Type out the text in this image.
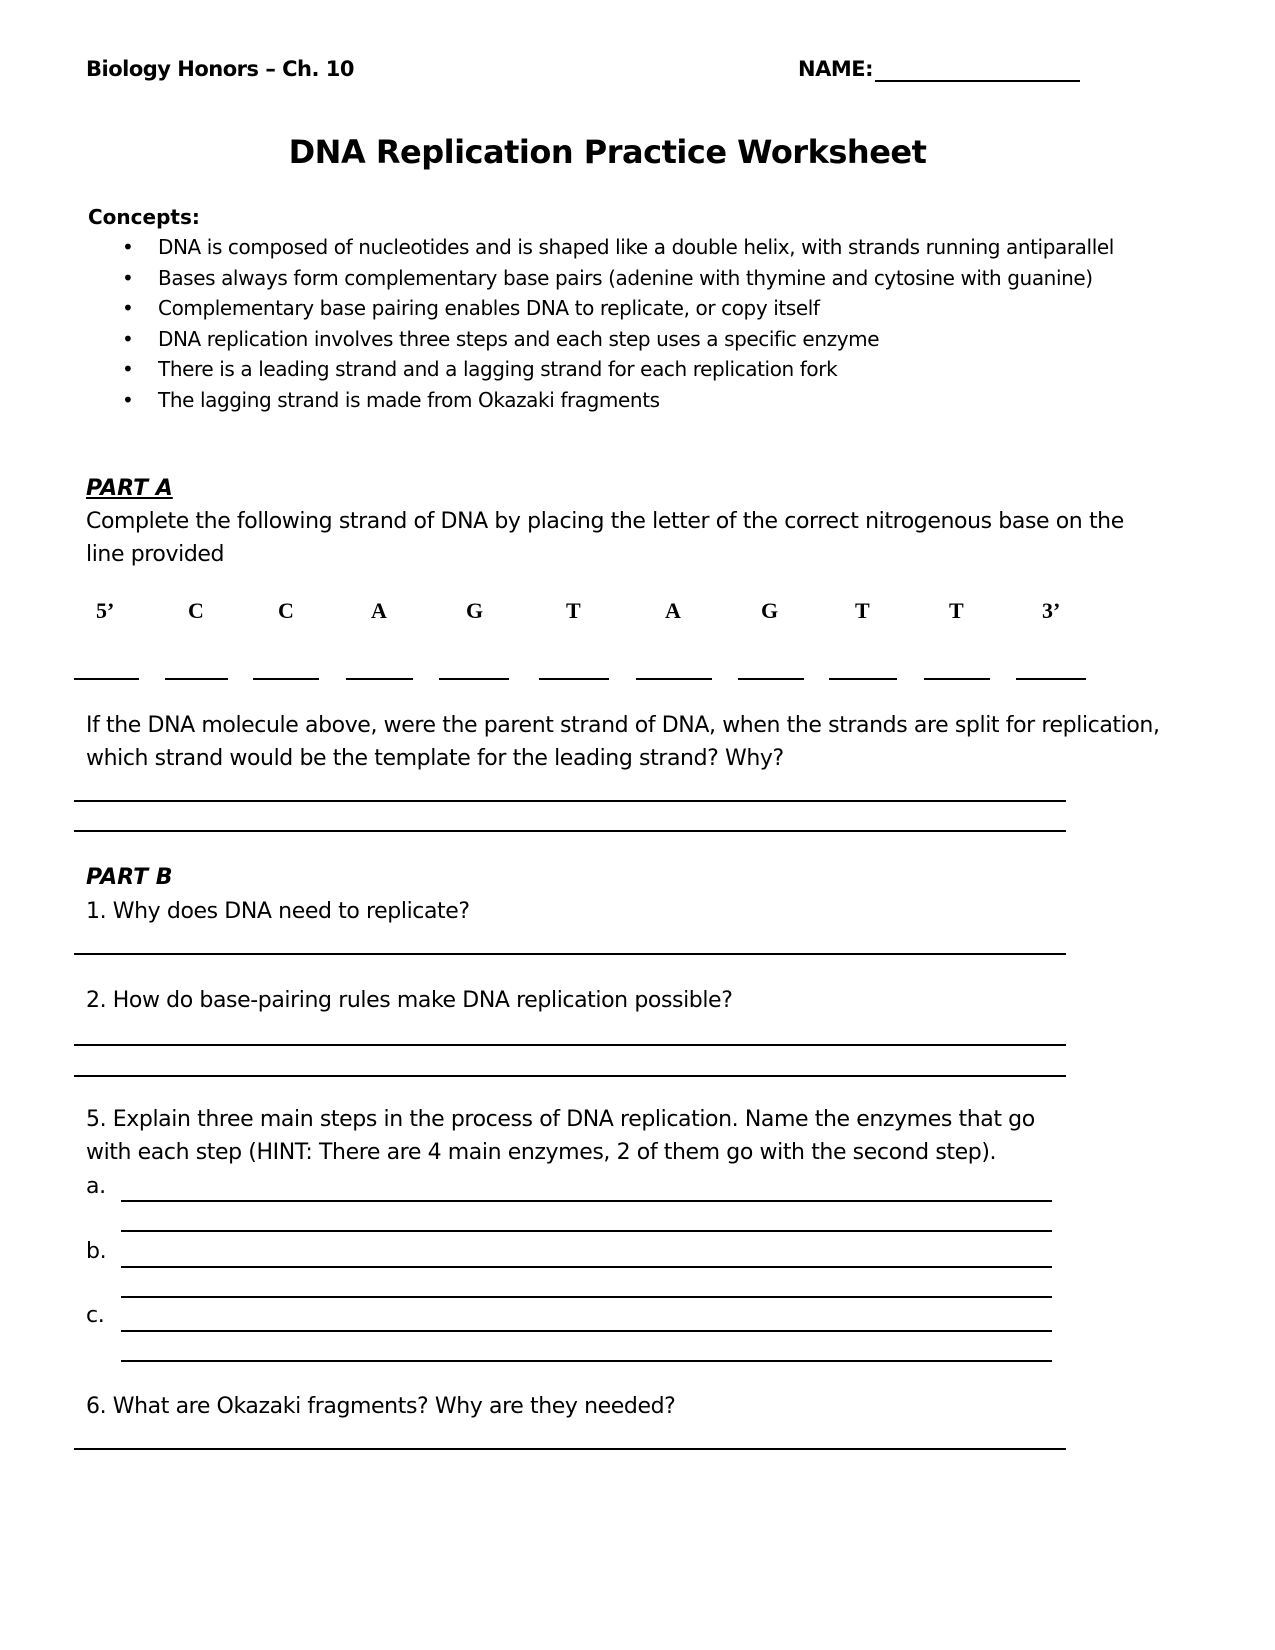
Biology Honors – Ch. 10	NAME:
DNA Replication Practice Worksheet
Concepts:
• DNA is composed of nucleotides and is shaped like a double helix, with strands running antiparallel
• Bases always form complementary base pairs (adenine with thymine and cytosine with guanine)
• Complementary base pairing enables DNA to replicate, or copy itself
• DNA replication involves three steps and each step uses a specific enzyme
• There is a leading strand and a lagging strand for each replication fork
• The lagging strand is made from Okazaki fragments
PART A
Complete the following strand of DNA by placing the letter of the correct nitrogenous base on the line provided
5’	C	C	A	G	T	A	G	T	T	3’
If the DNA molecule above, were the parent strand of DNA, when the strands are split for replication, which strand would be the template for the leading strand? Why?
PART B
1. Why does DNA need to replicate?
2. How do base-pairing rules make DNA replication possible?
5. Explain three main steps in the process of DNA replication. Name the enzymes that go with each step (HINT: There are 4 main enzymes, 2 of them go with the second step).
a.
b.
c.
6. What are Okazaki fragments? Why are they needed?
